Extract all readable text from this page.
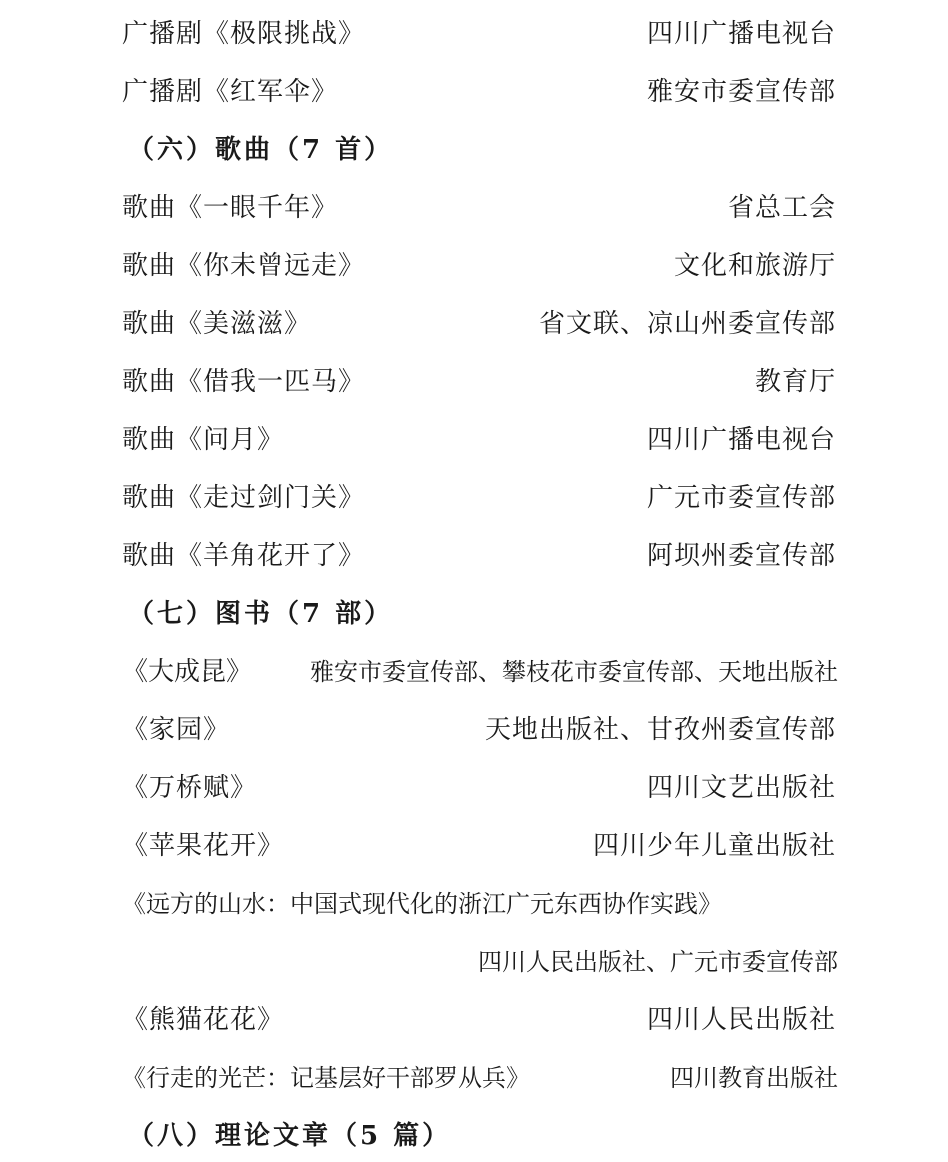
广播剧《极限挑战》	四川广播电视台
广播剧《红军伞》	雅安市委宣传部
（六）歌曲（7 首）
歌曲《一眼千年》	省总工会
歌曲《你未曾远走》	文化和旅游厅
歌曲《美滋滋》	省文联、凉山州委宣传部
歌曲《借我一匹马》	教育厅
歌曲《问月》	四川广播电视台
歌曲《走过剑门关》	广元市委宣传部
歌曲《羊角花开了》	阿坝州委宣传部
（七）图书（7 部）
《大成昆》 雅安市委宣传部、攀枝花市委宣传部、天地出版社
《家园》	天地出版社、甘孜州委宣传部
《万桥赋》	四川文艺出版社
《苹果花开》	四川少年儿童出版社
《远方的山水：中国式现代化的浙江广元东西协作实践》
四川人民出版社、广元市委宣传部
《熊猫花花》	四川人民出版社
《行走的光芒：记基层好干部罗从兵》	四川教育出版社
（八）理论文章（5 篇）
